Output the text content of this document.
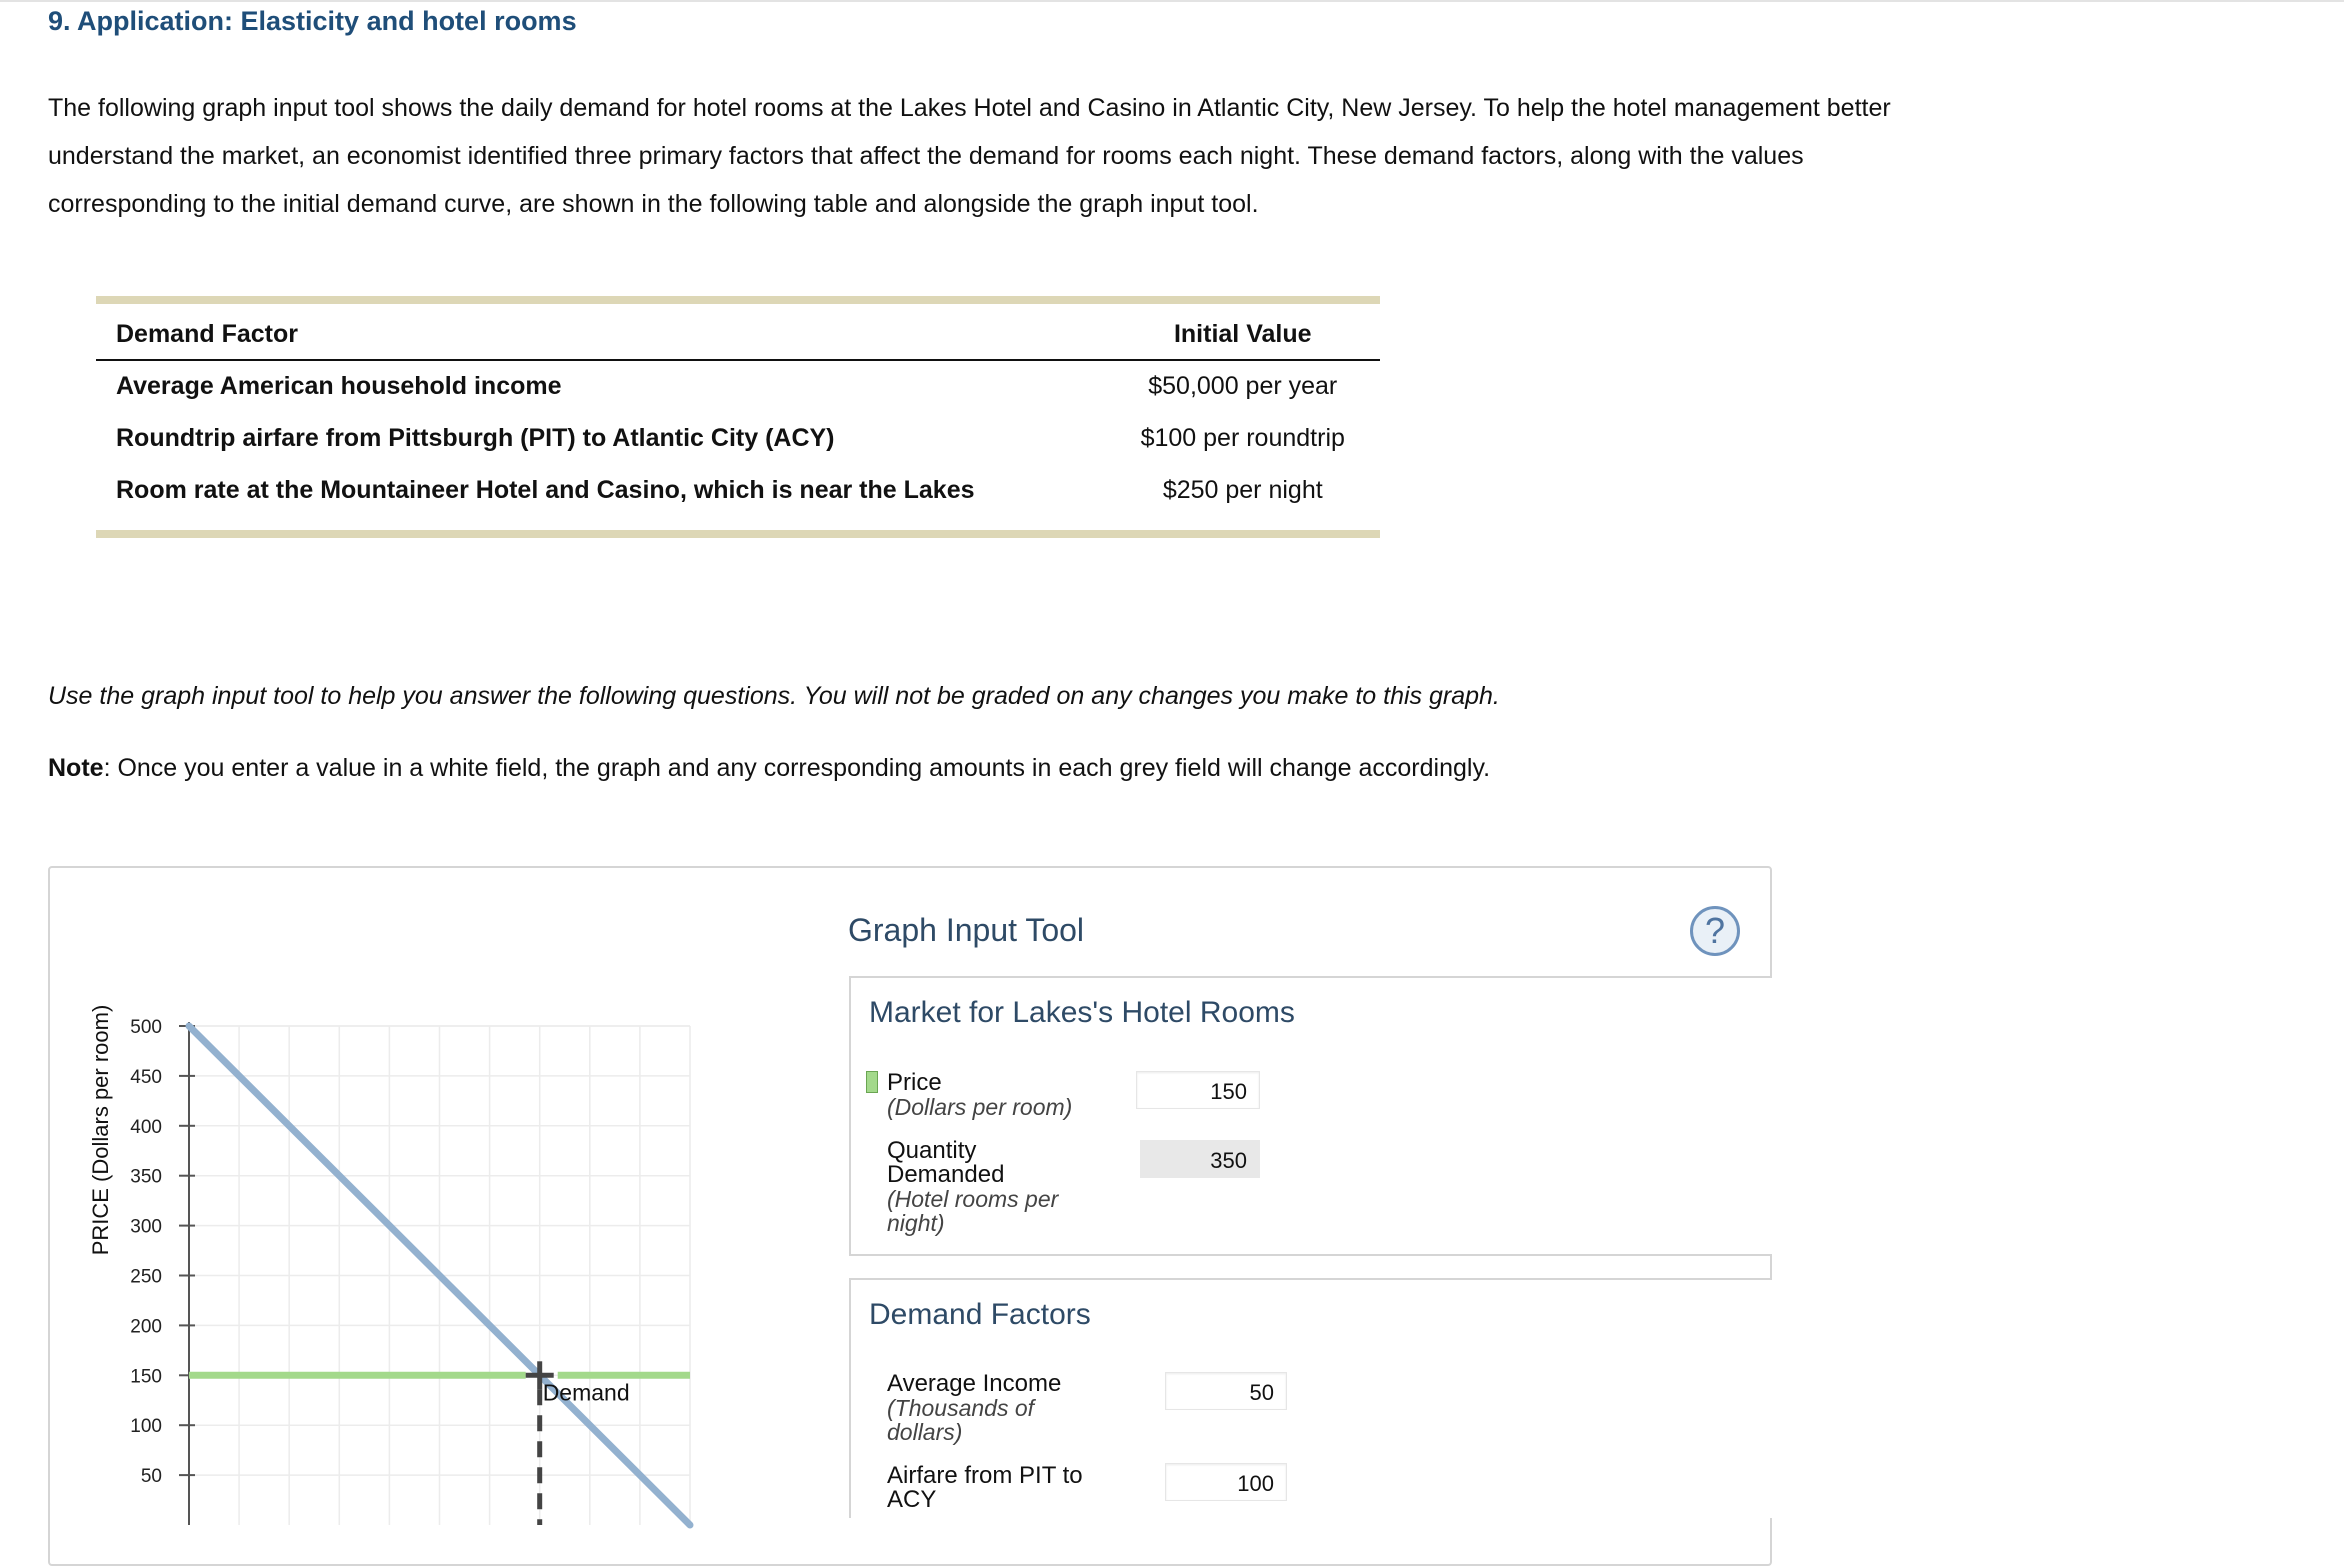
9. Application: Elasticity and hotel rooms
The following graph input tool shows the daily demand for hotel rooms at the Lakes Hotel and Casino in Atlantic City, New Jersey. To help the hotel management better understand the market, an economist identified three primary factors that affect the demand for rooms each night. These demand factors, along with the values corresponding to the initial demand curve, are shown in the following table and alongside the graph input tool.
Demand Factor	Initial Value
Average American household income	$50,000 per year
Roundtrip airfare from Pittsburgh (PIT) to Atlantic City (ACY)	$100 per roundtrip
Room rate at the Mountaineer Hotel and Casino, which is near the Lakes	$250 per night
Use the graph input tool to help you answer the following questions. You will not be graded on any changes you make to this graph.
Note: Once you enter a value in a white field, the graph and any corresponding amounts in each grey field will change accordingly.
PRICE (Dollars per room)
50
100
150
200
250
300
350
400
450
500
Demand
Graph Input Tool	?
Market for Lakes's Hotel Rooms
Price
(Dollars per room)
150
Quantity
Demanded
(Hotel rooms per
night)
350
Demand Factors
Average Income
(Thousands of
dollars)
50
Airfare from PIT to
ACY
100
